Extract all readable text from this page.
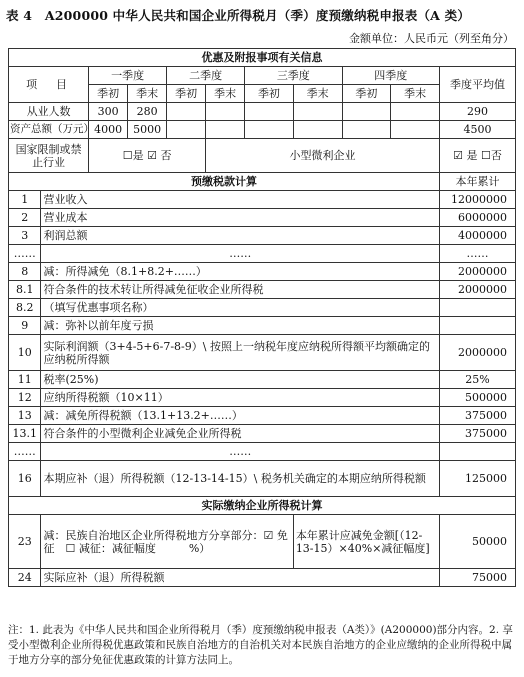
表 4　A200000 中华人民共和国企业所得税月（季）度预缴纳税申报表（A 类）
金额单位：人民币元（列至角分）
优惠及附报事项有关信息										
项　目		一季度		二季度		三季度		四季度		季度平均值
		季初	季末	季初	季末	季初	季末	季初	季末	
从业人数		300	280							290
资产总额（万元）		4000	5000							4500
国家限制或禁止行业		☐是 ☑ 否			小型微利企业					☑ 是 ☐否
预缴税款计算										本年累计
1	营业收入									12000000
2	营业成本									6000000
3	利润总额									4000000
……	……									……
8	减：所得减免（8.1+8.2+……）									2000000
8.1	符合条件的技术转让所得减免征收企业所得税									2000000
8.2	（填写优惠事项名称）									
9	减：弥补以前年度亏损									
10	实际利润额（3+4-5+6-7-8-9）\ 按照上一纳税年度应纳税所得额平均额确定的应纳税所得额									2000000
11	税率(25%)									25%
12	应纳所得税额（10×11）									500000
13	减：减免所得税额（13.1+13.2+……）									375000
13.1	符合条件的小型微利企业减免企业所得税									375000
……	……									
16	本期应补（退）所得税额（12-13-14-15）\ 税务机关确定的本期应纳所得税额									125000
实际缴纳企业所得税计算										
23	减：民族自治地区企业所得税地方分享部分：☑ 免征　☐ 减征：减征幅度　　　%）						本年累计应减免金额[（12-13-15）×40%×减征幅度]			50000
24	实际应补（退）所得税额									75000
注：1. 此表为《中华人民共和国企业所得税月（季）度预缴纳税申报表（A类）》(A200000)部分内容。2. 享受小型微利企业所得税优惠政策和民族自治地方的自治机关对本民族自治地方的企业应缴纳的企业所得税中属于地方分享的部分免征优惠政策的计算方法同上。
